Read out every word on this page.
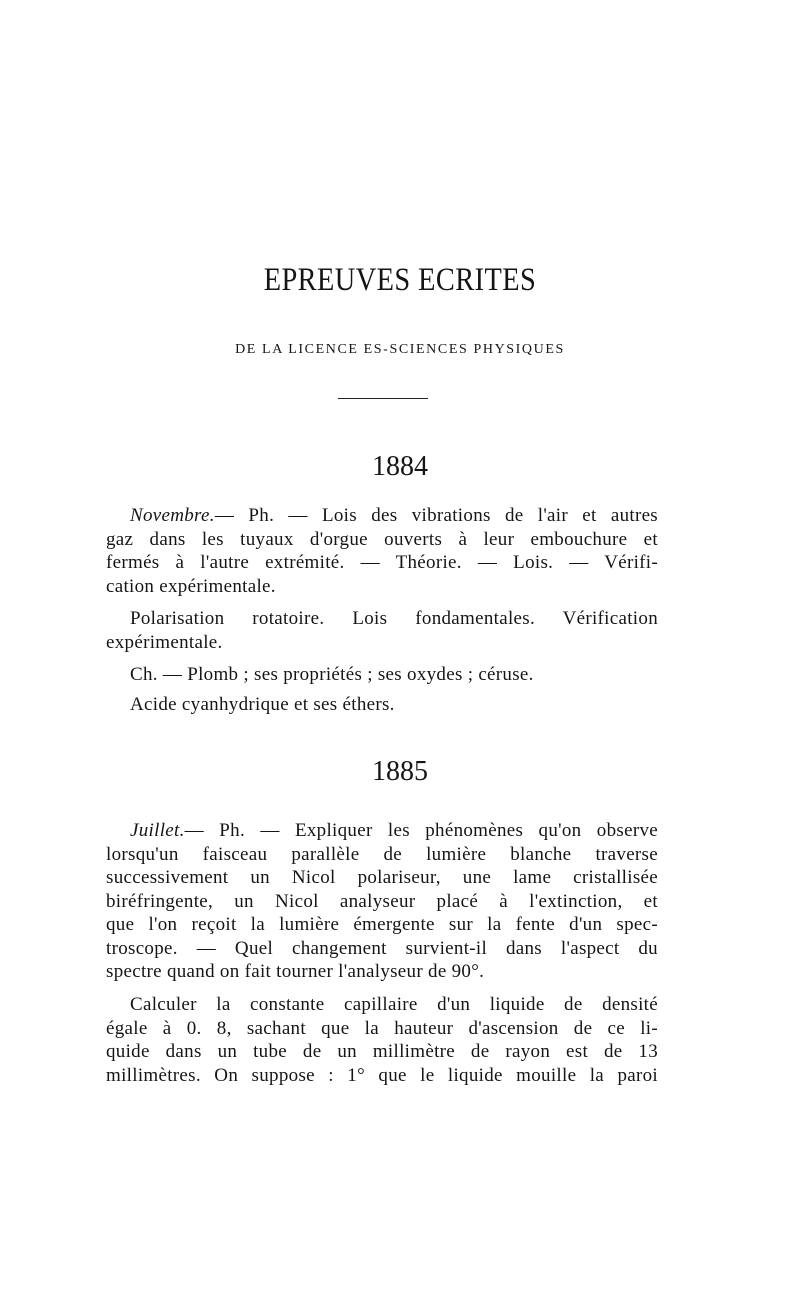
EPREUVES ECRITES
DE LA LICENCE ES-SCIENCES PHYSIQUES
1884
Novembre.— Ph. — Lois des vibrations de l'air et autres
gaz dans les tuyaux d'orgue ouverts à leur embouchure et
fermés à l'autre extrémité. — Théorie. — Lois. — Vérifi-
cation expérimentale.
Polarisation rotatoire. Lois fondamentales. Vérification
expérimentale.
Ch. — Plomb ; ses propriétés ; ses oxydes ; céruse.
Acide cyanhydrique et ses éthers.
1885
Juillet.— Ph. — Expliquer les phénomènes qu'on observe
lorsqu'un faisceau parallèle de lumière blanche traverse
successivement un Nicol polariseur, une lame cristallisée
biréfringente, un Nicol analyseur placé à l'extinction, et
que l'on reçoit la lumière émergente sur la fente d'un spec-
troscope. — Quel changement survient-il dans l'aspect du
spectre quand on fait tourner l'analyseur de 90°.
Calculer la constante capillaire d'un liquide de densité
égale à 0. 8, sachant que la hauteur d'ascension de ce li-
quide dans un tube de un millimètre de rayon est de 13
millimètres. On suppose : 1° que le liquide mouille la paroi
